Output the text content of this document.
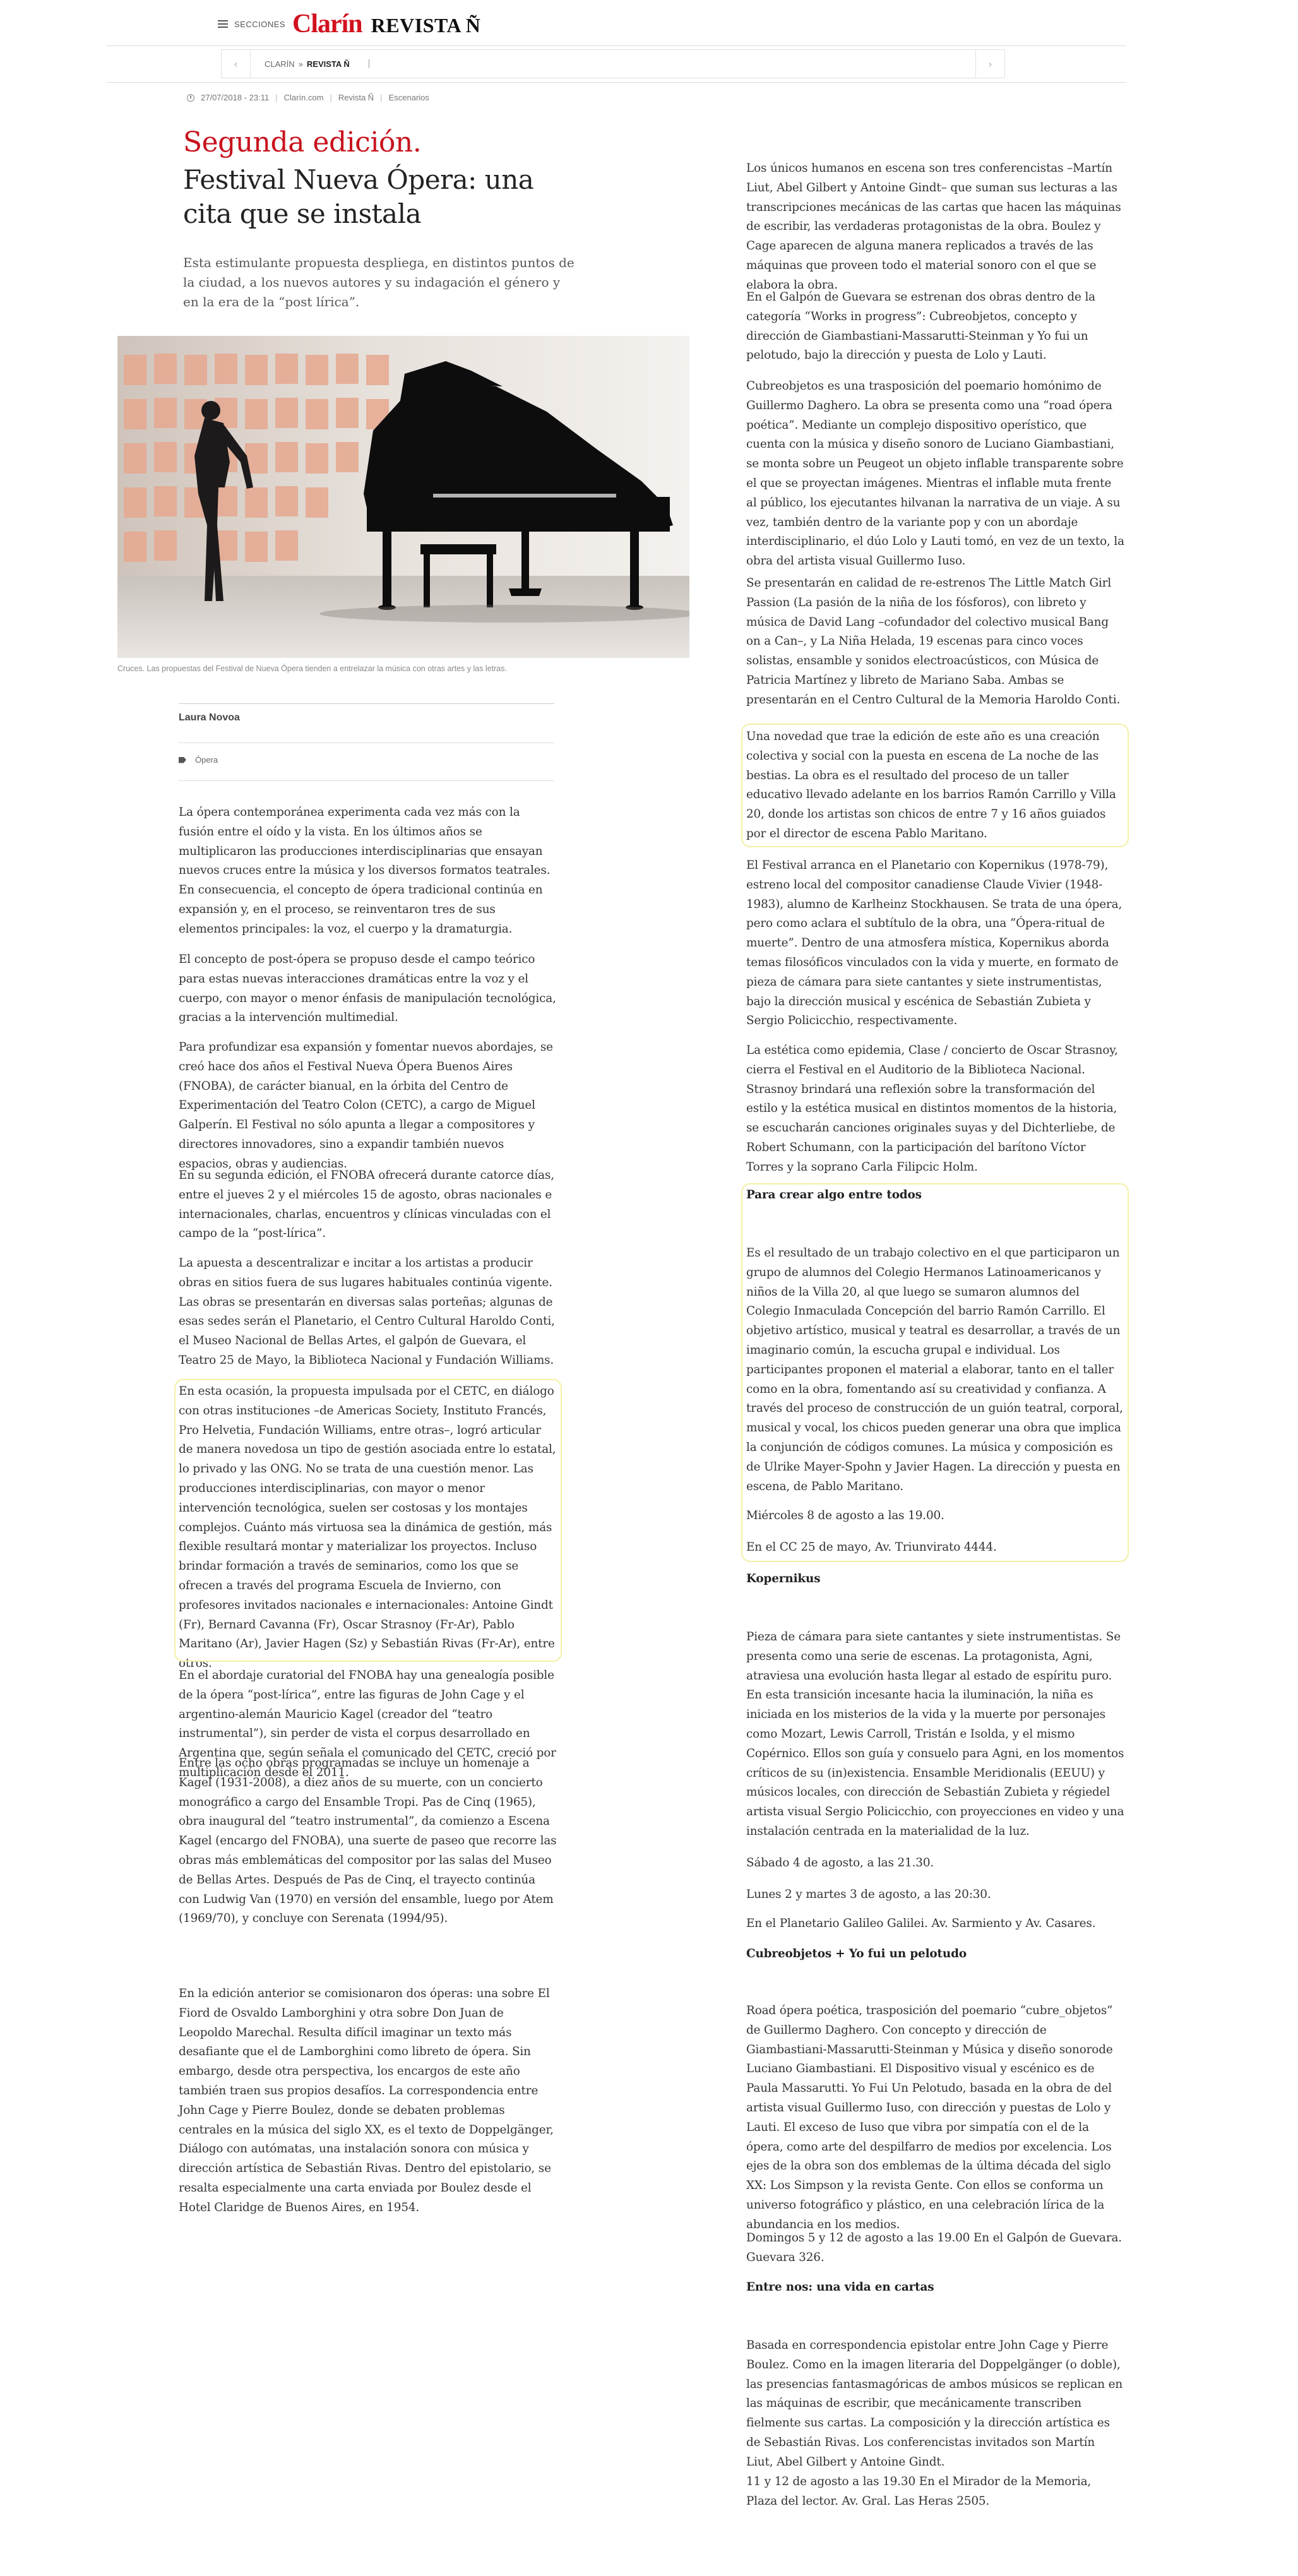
SECCIONES Clarín REVISTA Ñ
‹	CLARÍN » REVISTA Ñ	›
27/07/2018 - 23:11 | Clarín.com | Revista Ñ | Escenarios
Segunda edición.
Festival Nueva Ópera: una cita que se instala

Esta estimulante propuesta despliega, en distintos puntos de la ciudad, a los nuevos autores y su indagación el género y en la era de la “post lírica”.

Cruces. Las propuestas del Festival de Nueva Ópera tienden a entrelazar la música con otras artes y las letras.
Laura Novoa
Ópera

La ópera contemporánea experimenta cada vez más con la fusión entre el oído y la vista. En los últimos años se multiplicaron las producciones interdisciplinarias que ensayan nuevos cruces entre la música y los diversos formatos teatrales. En consecuencia, el concepto de ópera tradicional continúa en expansión y, en el proceso, se reinventaron tres de sus elementos principales: la voz, el cuerpo y la dramaturgia.

El concepto de post-ópera se propuso desde el campo teórico para estas nuevas interacciones dramáticas entre la voz y el cuerpo, con mayor o menor énfasis de manipulación tecnológica, gracias a la intervención multimedial.

Para profundizar esa expansión y fomentar nuevos abordajes, se creó hace dos años el Festival Nueva Ópera Buenos Aires (FNOBA), de carácter bianual, en la órbita del Centro de Experimentación del Teatro Colon (CETC), a cargo de Miguel Galperín. El Festival no sólo apunta a llegar a compositores y directores innovadores, sino a expandir también nuevos espacios, obras y audiencias.

En su segunda edición, el FNOBA ofrecerá durante catorce días, entre el jueves 2 y el miércoles 15 de agosto, obras nacionales e internacionales, charlas, encuentros y clínicas vinculadas con el campo de la “post-lírica”.

La apuesta a descentralizar e incitar a los artistas a producir obras en sitios fuera de sus lugares habituales continúa vigente. Las obras se presentarán en diversas salas porteñas; algunas de esas sedes serán el Planetario, el Centro Cultural Haroldo Conti, el Museo Nacional de Bellas Artes, el galpón de Guevara, el Teatro 25 de Mayo, la Biblioteca Nacional y Fundación Williams.

En esta ocasión, la propuesta impulsada por el CETC, en diálogo con otras instituciones –de Americas Society, Instituto Francés, Pro Helvetia, Fundación Williams, entre otras–, logró articular de manera novedosa un tipo de gestión asociada entre lo estatal, lo privado y las ONG. No se trata de una cuestión menor. Las producciones interdisciplinarias, con mayor o menor intervención tecnológica, suelen ser costosas y los montajes complejos. Cuánto más virtuosa sea la dinámica de gestión, más flexible resultará montar y materializar los proyectos. Incluso brindar formación a través de seminarios, como los que se ofrecen a través del programa Escuela de Invierno, con profesores invitados nacionales e internacionales: Antoine Gindt (Fr), Bernard Cavanna (Fr), Oscar Strasnoy (Fr-Ar), Pablo Maritano (Ar), Javier Hagen (Sz) y Sebastián Rivas (Fr-Ar), entre otros.

En el abordaje curatorial del FNOBA hay una genealogía posible de la ópera “post-lírica”, entre las figuras de John Cage y el argentino-alemán Mauricio Kagel (creador del “teatro instrumental”), sin perder de vista el corpus desarrollado en Argentina que, según señala el comunicado del CETC, creció por multiplicación desde el 2011.

Entre las ocho obras programadas se incluye un homenaje a Kagel (1931-2008), a diez años de su muerte, con un concierto monográfico a cargo del Ensamble Tropi. Pas de Cinq (1965), obra inaugural del “teatro instrumental”, da comienzo a Escena Kagel (encargo del FNOBA), una suerte de paseo que recorre las obras más emblemáticas del compositor por las salas del Museo de Bellas Artes. Después de Pas de Cinq, el trayecto continúa con Ludwig Van (1970) en versión del ensamble, luego por Atem (1969/70), y concluye con Serenata (1994/95).

En la edición anterior se comisionaron dos óperas: una sobre El Fiord de Osvaldo Lamborghini y otra sobre Don Juan de Leopoldo Marechal. Resulta difícil imaginar un texto más desafiante que el de Lamborghini como libreto de ópera. Sin embargo, desde otra perspectiva, los encargos de este año también traen sus propios desafíos. La correspondencia entre John Cage y Pierre Boulez, donde se debaten problemas centrales en la música del siglo XX, es el texto de Doppelgänger, Diálogo con autómatas, una instalación sonora con música y dirección artística de Sebastián Rivas. Dentro del epistolario, se resalta especialmente una carta enviada por Boulez desde el Hotel Claridge de Buenos Aires, en 1954.

Los únicos humanos en escena son tres conferencistas –Martín Liut, Abel Gilbert y Antoine Gindt– que suman sus lecturas a las transcripciones mecánicas de las cartas que hacen las máquinas de escribir, las verdaderas protagonistas de la obra. Boulez y Cage aparecen de alguna manera replicados a través de las máquinas que proveen todo el material sonoro con el que se elabora la obra.

En el Galpón de Guevara se estrenan dos obras dentro de la categoría “Works in progress”: Cubreobjetos, concepto y dirección de Giambastiani-Massarutti-Steinman y Yo fui un pelotudo, bajo la dirección y puesta de Lolo y Lauti.

Cubreobjetos es una trasposición del poemario homónimo de Guillermo Daghero. La obra se presenta como una “road ópera poética”. Mediante un complejo dispositivo operístico, que cuenta con la música y diseño sonoro de Luciano Giambastiani, se monta sobre un Peugeot un objeto inflable transparente sobre el que se proyectan imágenes. Mientras el inflable muta frente al público, los ejecutantes hilvanan la narrativa de un viaje. A su vez, también dentro de la variante pop y con un abordaje interdisciplinario, el dúo Lolo y Lauti tomó, en vez de un texto, la obra del artista visual Guillermo Iuso.

Se presentarán en calidad de re-estrenos The Little Match Girl Passion (La pasión de la niña de los fósforos), con libreto y música de David Lang –cofundador del colectivo musical Bang on a Can–, y La Niña Helada, 19 escenas para cinco voces solistas, ensamble y sonidos electroacústicos, con Música de Patricia Martínez y libreto de Mariano Saba. Ambas se presentarán en el Centro Cultural de la Memoria Haroldo Conti.

Una novedad que trae la edición de este año es una creación colectiva y social con la puesta en escena de La noche de las bestias. La obra es el resultado del proceso de un taller educativo llevado adelante en los barrios Ramón Carrillo y Villa 20, donde los artistas son chicos de entre 7 y 16 años guiados por el director de escena Pablo Maritano.

El Festival arranca en el Planetario con Kopernikus (1978-79), estreno local del compositor canadiense Claude Vivier (1948-1983), alumno de Karlheinz Stockhausen. Se trata de una ópera, pero como aclara el subtítulo de la obra, una “Ópera-ritual de muerte”. Dentro de una atmosfera mística, Kopernikus aborda temas filosóficos vinculados con la vida y muerte, en formato de pieza de cámara para siete cantantes y siete instrumentistas, bajo la dirección musical y escénica de Sebastián Zubieta y Sergio Policicchio, respectivamente.

La estética como epidemia, Clase / concierto de Oscar Strasnoy, cierra el Festival en el Auditorio de la Biblioteca Nacional. Strasnoy brindará una reflexión sobre la transformación del estilo y la estética musical en distintos momentos de la historia, se escucharán canciones originales suyas y del Dichterliebe, de Robert Schumann, con la participación del barítono Víctor Torres y la soprano Carla Filipcic Holm.

Para crear algo entre todos

Es el resultado de un trabajo colectivo en el que participaron un grupo de alumnos del Colegio Hermanos Latinoamericanos y niños de la Villa 20, al que luego se sumaron alumnos del Colegio Inmaculada Concepción del barrio Ramón Carrillo. El objetivo artístico, musical y teatral es desarrollar, a través de un imaginario común, la escucha grupal e individual. Los participantes proponen el material a elaborar, tanto en el taller como en la obra, fomentando así su creatividad y confianza. A través del proceso de construcción de un guión teatral, corporal, musical y vocal, los chicos pueden generar una obra que implica la conjunción de códigos comunes. La música y composición es de Ulrike Mayer-Spohn y Javier Hagen. La dirección y puesta en escena, de Pablo Maritano.

Miércoles 8 de agosto a las 19.00.

En el CC 25 de mayo, Av. Triunvirato 4444.

Kopernikus

Pieza de cámara para siete cantantes y siete instrumentistas. Se presenta como una serie de escenas. La protagonista, Agni, atraviesa una evolución hasta llegar al estado de espíritu puro. En esta transición incesante hacia la iluminación, la niña es iniciada en los misterios de la vida y la muerte por personajes como Mozart, Lewis Carroll, Tristán e Isolda, y el mismo Copérnico. Ellos son guía y consuelo para Agni, en los momentos críticos de su (in)existencia. Ensamble Meridionalis (EEUU) y músicos locales, con dirección de Sebastián Zubieta y régiedel artista visual Sergio Policicchio, con proyecciones en video y una instalación centrada en la materialidad de la luz.

Sábado 4 de agosto, a las 21.30.

Lunes 2 y martes 3 de agosto, a las 20:30.

En el Planetario Galileo Galilei. Av. Sarmiento y Av. Casares.

Cubreobjetos + Yo fui un pelotudo

Road ópera poética, trasposición del poemario “cubre_objetos” de Guillermo Daghero. Con concepto y dirección de Giambastiani-Massarutti-Steinman y Música y diseño sonorode Luciano Giambastiani. El Dispositivo visual y escénico es de Paula Massarutti. Yo Fui Un Pelotudo, basada en la obra de del artista visual Guillermo Iuso, con dirección y puestas de Lolo y Lauti. El exceso de Iuso que vibra por simpatía con el de la ópera, como arte del despilfarro de medios por excelencia. Los ejes de la obra son dos emblemas de la última década del siglo XX: Los Simpson y la revista Gente. Con ellos se conforma un universo fotográfico y plástico, en una celebración lírica de la abundancia en los medios.

Domingos 5 y 12 de agosto a las 19.00 En el Galpón de Guevara. Guevara 326.

Entre nos: una vida en cartas

Basada en correspondencia epistolar entre John Cage y Pierre Boulez. Como en la imagen literaria del Doppelgänger (o doble), las presencias fantasmagóricas de ambos músicos se replican en las máquinas de escribir, que mecánicamente transcriben fielmente sus cartas. La composición y la dirección artística es de Sebastián Rivas. Los conferencistas invitados son Martín Liut, Abel Gilbert y Antoine Gindt.

11 y 12 de agosto a las 19.30 En el Mirador de la Memoria, Plaza del lector. Av. Gral. Las Heras 2505.
